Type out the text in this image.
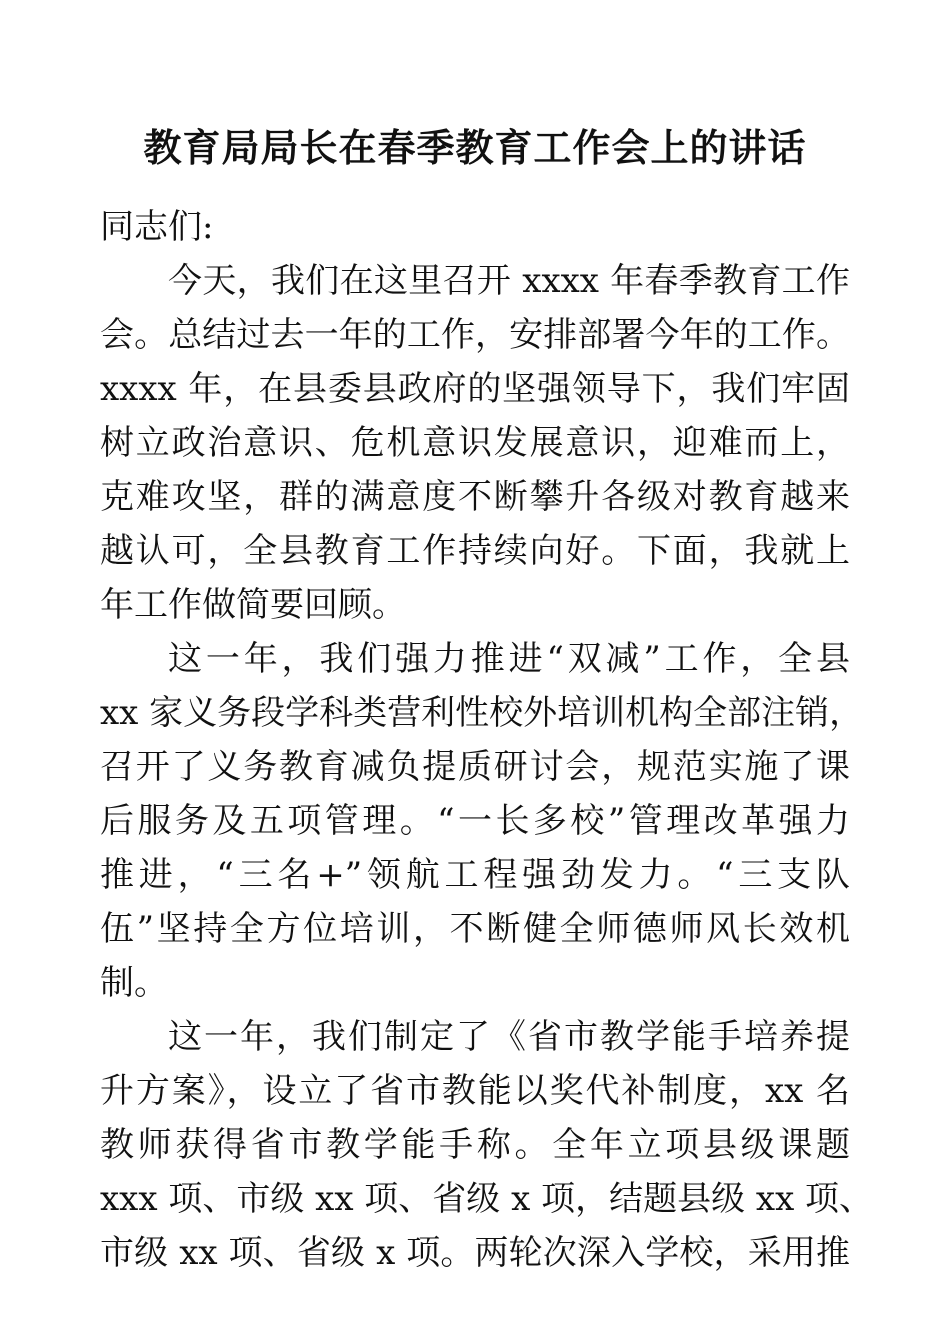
教育局局长在春季教育工作会上的讲话
同志们:
今天，我们在这里召开 xxxx 年春季教育工作
会。总结过去一年的工作，安排部署今年的工作。
xxxx 年，在县委县政府的坚强领导下，我们牢固
树立政治意识、危机意识发展意识，迎难而上，
克难攻坚，群的满意度不断攀升各级对教育越来
越认可，全县教育工作持续向好。下面，我就上
年工作做简要回顾。
这一年，我们强力推进“双减”工作，全县
xx 家义务段学科类营利性校外培训机构全部注销，
召开了义务教育减负提质研讨会，规范实施了课
后服务及五项管理。“一长多校”管理改革强力
推进，“三名+”领航工程强劲发力。“三支队
伍”坚持全方位培训，不断健全师德师风长效机
制。
这一年，我们制定了《省市教学能手培养提
升方案》，设立了省市教能以奖代补制度，xx 名
教师获得省市教学能手称。全年立项县级课题
xxx 项、市级 xx 项、省级 x 项，结题县级 xx 项、
市级 xx 项、省级 x 项。两轮次深入学校，采用推
